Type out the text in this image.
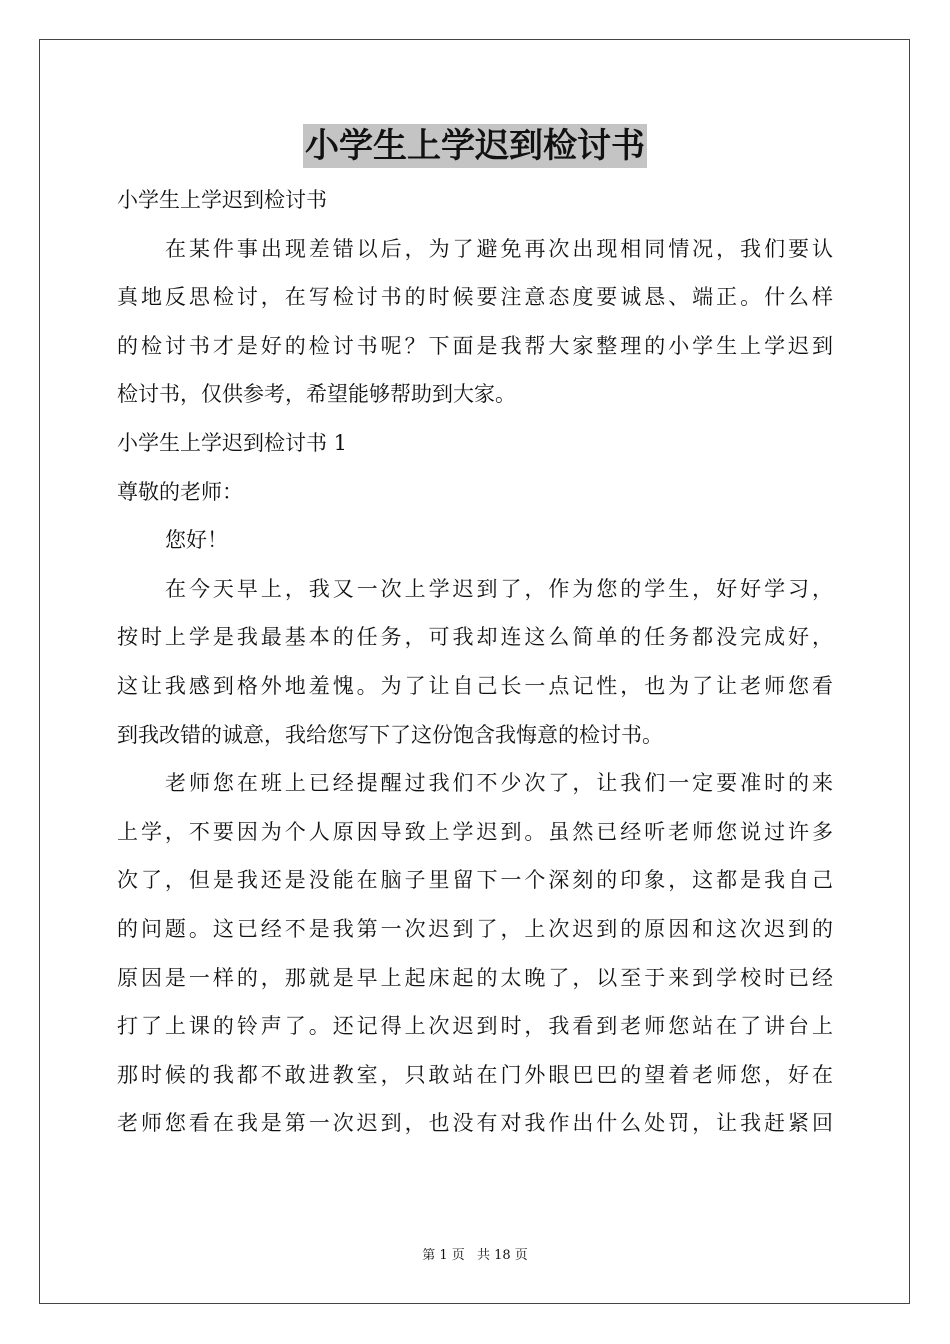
小学生上学迟到检讨书
小学生上学迟到检讨书
在某件事出现差错以后，为了避免再次出现相同情况，我们要认
真地反思检讨，在写检讨书的时候要注意态度要诚恳、端正。什么样
的检讨书才是好的检讨书呢？下面是我帮大家整理的小学生上学迟到
检讨书，仅供参考，希望能够帮助到大家。
小学生上学迟到检讨书 1
尊敬的老师：
您好！
在今天早上，我又一次上学迟到了，作为您的学生，好好学习，
按时上学是我最基本的任务，可我却连这么简单的任务都没完成好，
这让我感到格外地羞愧。为了让自己长一点记性，也为了让老师您看
到我改错的诚意，我给您写下了这份饱含我悔意的检讨书。
老师您在班上已经提醒过我们不少次了，让我们一定要准时的来
上学，不要因为个人原因导致上学迟到。虽然已经听老师您说过许多
次了，但是我还是没能在脑子里留下一个深刻的印象，这都是我自己
的问题。这已经不是我第一次迟到了，上次迟到的原因和这次迟到的
原因是一样的，那就是早上起床起的太晚了，以至于来到学校时已经
打了上课的铃声了。还记得上次迟到时，我看到老师您站在了讲台上
那时候的我都不敢进教室，只敢站在门外眼巴巴的望着老师您，好在
老师您看在我是第一次迟到，也没有对我作出什么处罚，让我赶紧回
第 1 页 共 18 页
